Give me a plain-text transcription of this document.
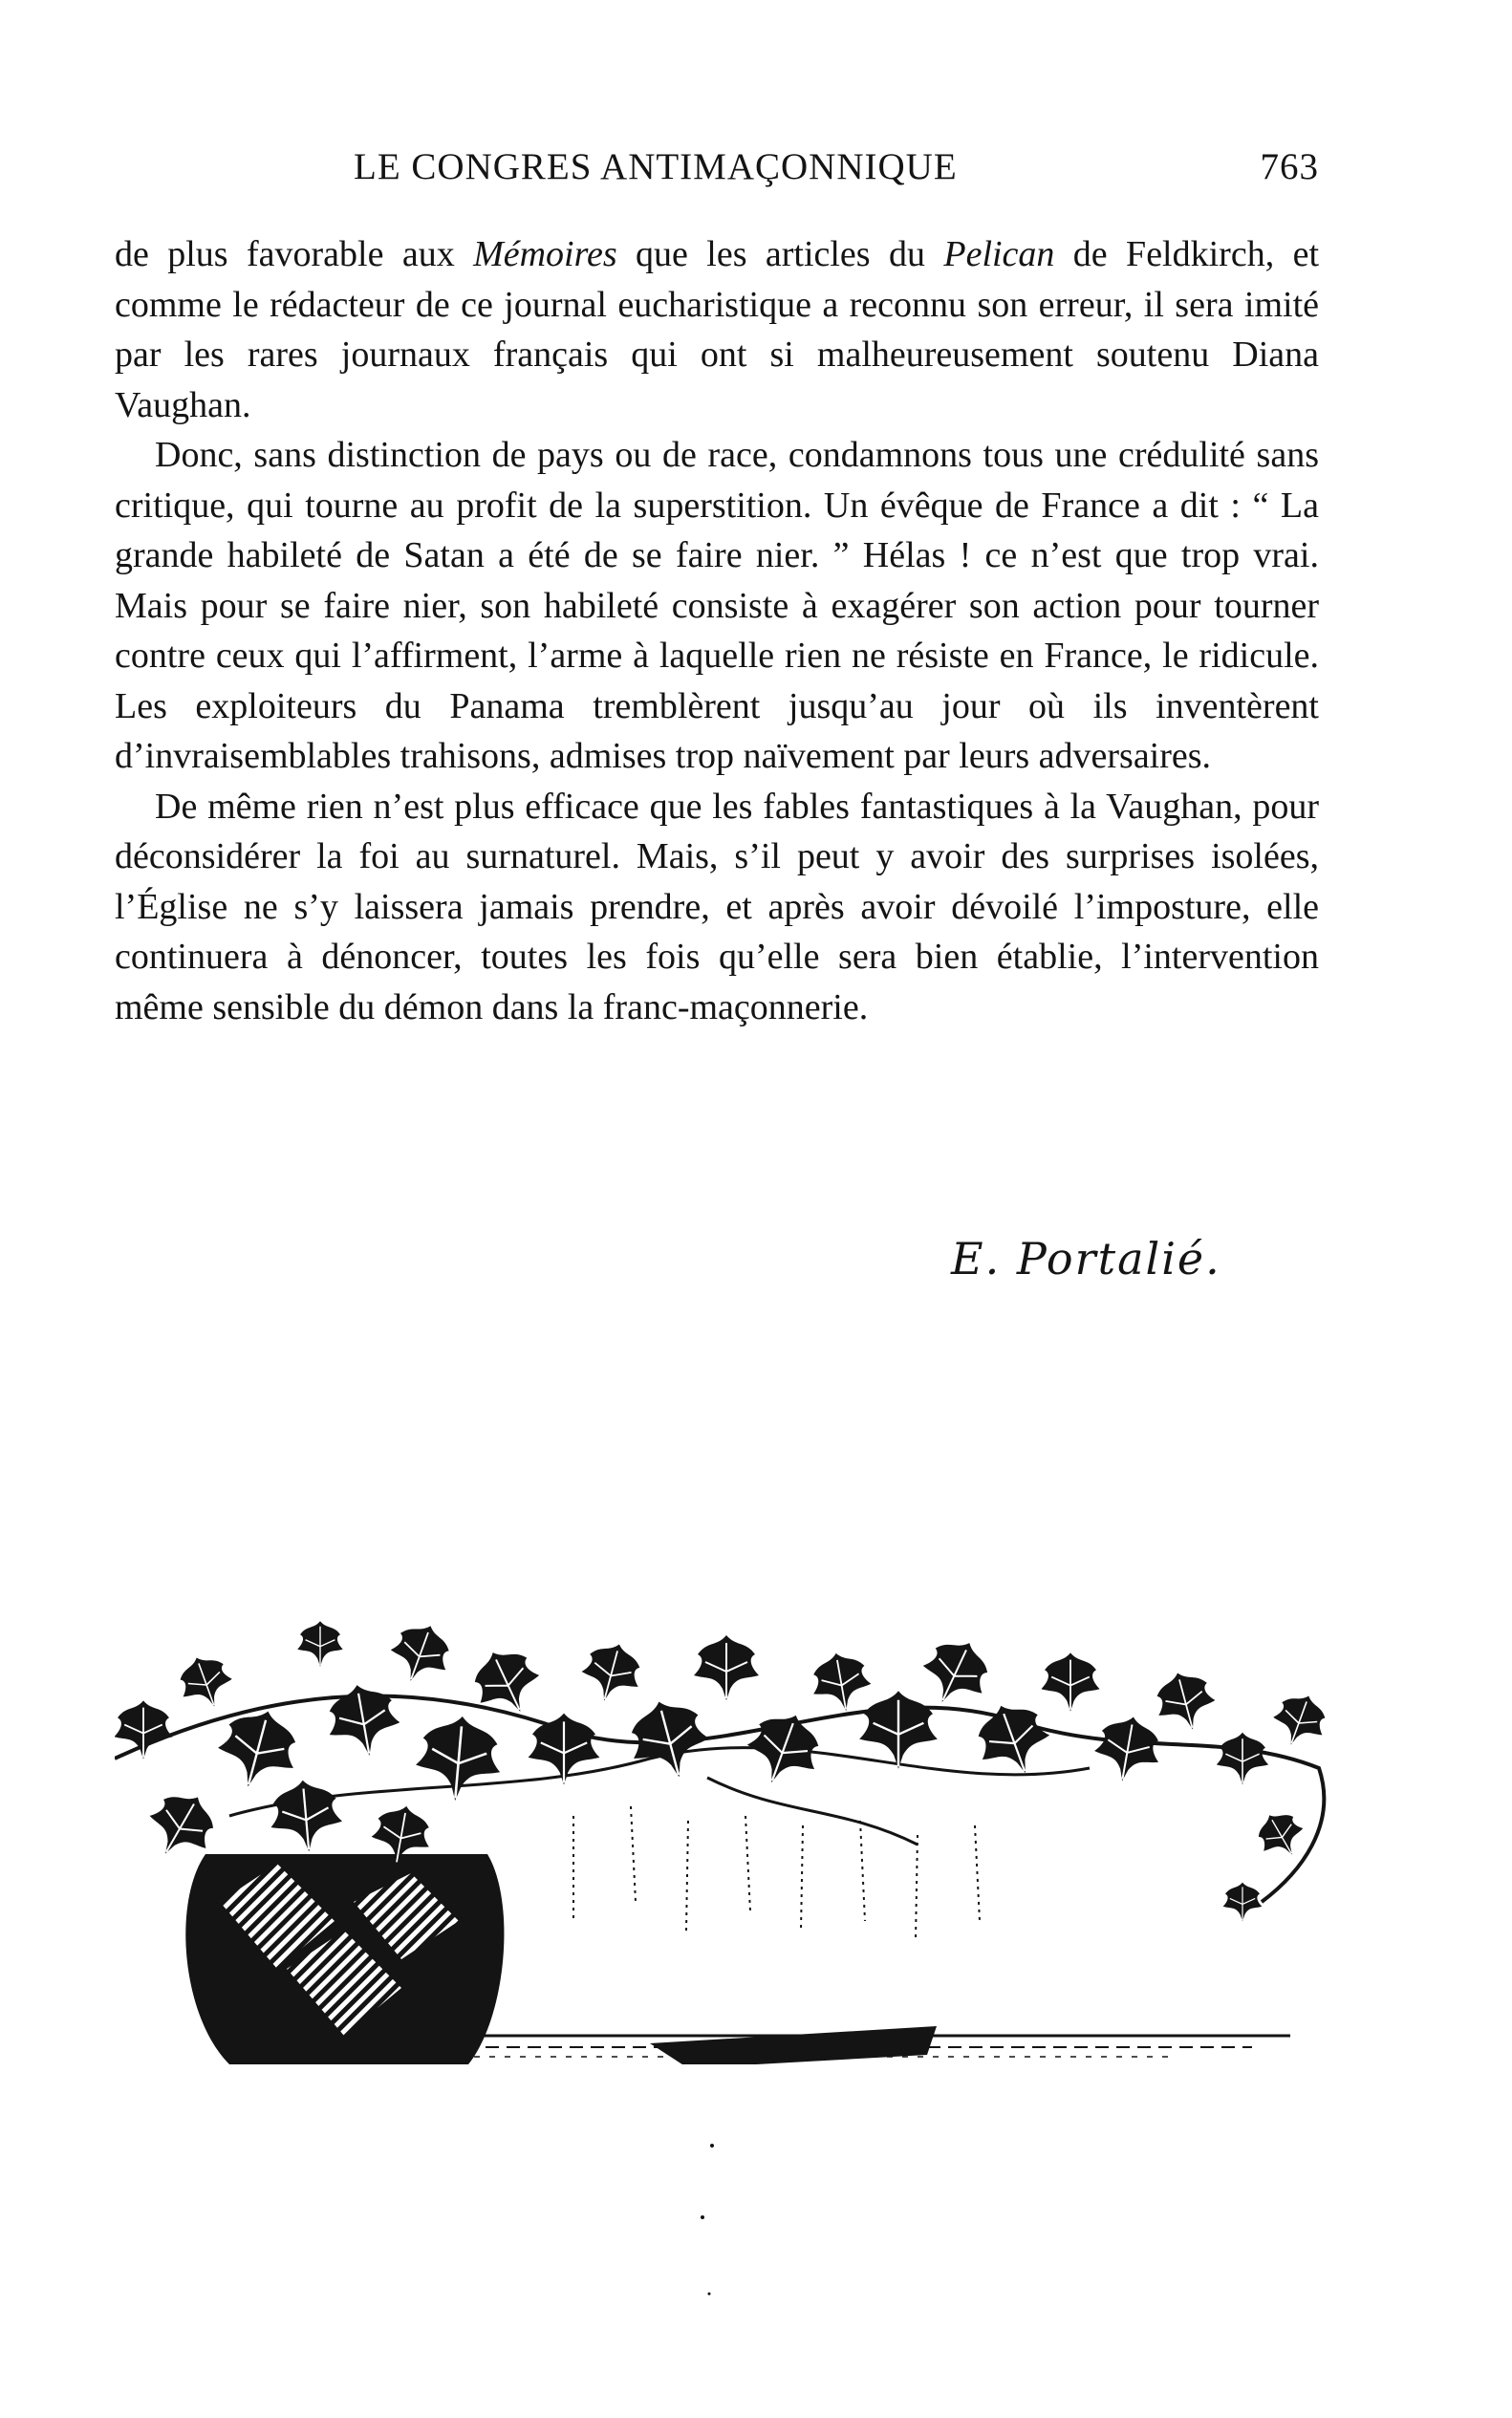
LE CONGRES ANTIMAÇONNIQUE	763

de plus favorable aux Mémoires que les articles du Pelican de Feldkirch, et comme le rédacteur de ce journal eucharistique a reconnu son erreur, il sera imité par les rares journaux français qui ont si malheureusement soutenu Diana Vaughan.

Donc, sans distinction de pays ou de race, condamnons tous une crédulité sans critique, qui tourne au profit de la superstition. Un évêque de France a dit : “ La grande habileté de Satan a été de se faire nier. ” Hélas ! ce n’est que trop vrai. Mais pour se faire nier, son habileté consiste à exagérer son action pour tourner contre ceux qui l’affirment, l’arme à laquelle rien ne résiste en France, le ridicule. Les exploiteurs du Panama tremblèrent jusqu’au jour où ils inventèrent d’invraisemblables trahisons, admises trop naïvement par leurs adversaires.

De même rien n’est plus efficace que les fables fantastiques à la Vaughan, pour déconsidérer la foi au surnaturel. Mais, s’il peut y avoir des surprises isolées, l’Église ne s’y laissera jamais prendre, et après avoir dévoilé l’imposture, elle continuera à dénoncer, toutes les fois qu’elle sera bien établie, l’intervention même sensible du démon dans la franc-maçonnerie.

E. Portalié.
